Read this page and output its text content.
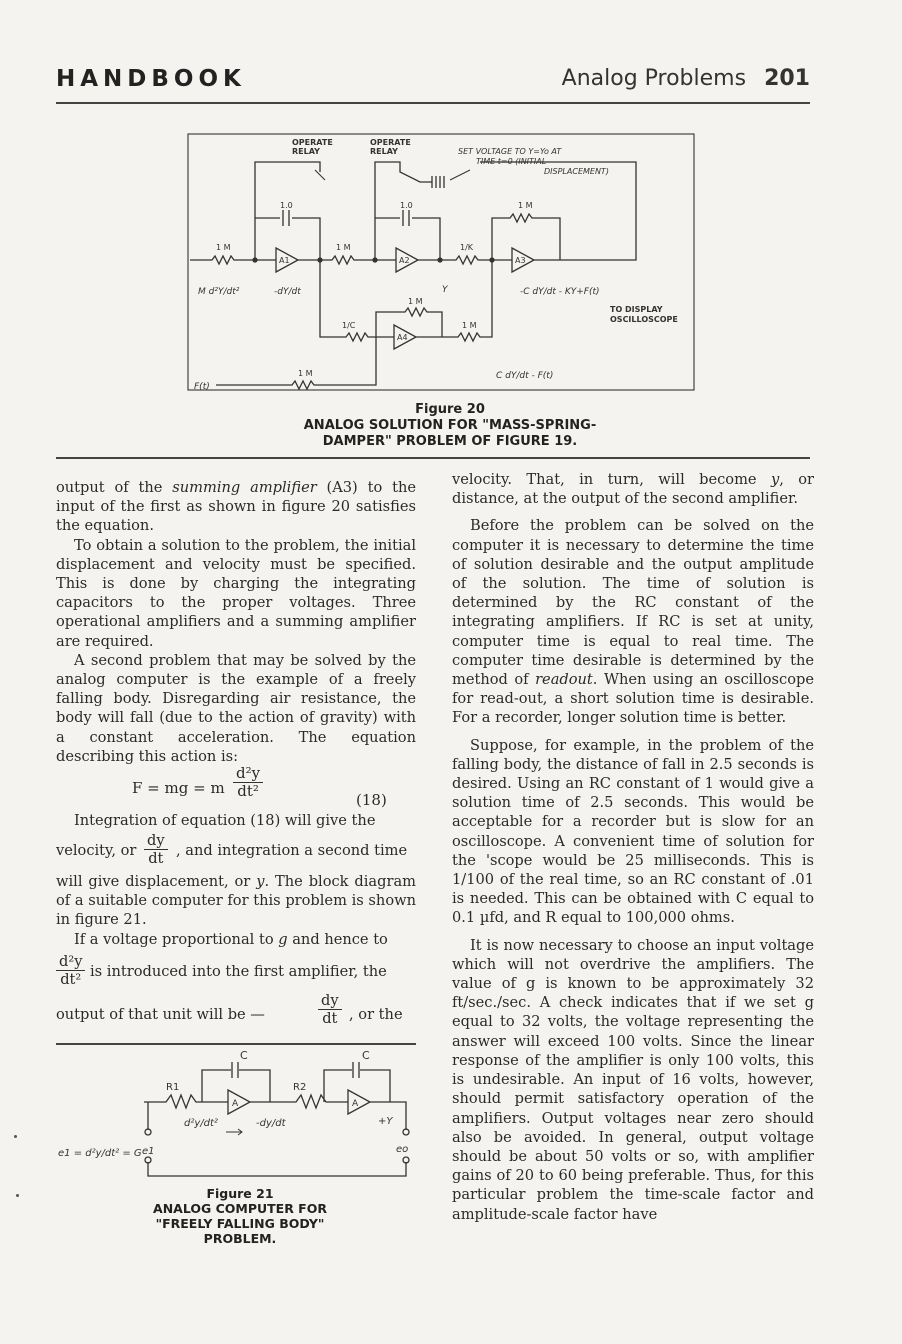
HANDBOOK	Analog Problems 201
OPERATE
RELAY
OPERATE
RELAY	SET VOLTAGE TO Y=Yo AT
TIME t=0 (INITIAL
DISPLACEMENT)
1.0	1.0	1 M
1 M
A1
1 M
A2
1/K
A3
M d²Y/dt²	-dY/dt	Y	-C dY/dt - KY+F(t)
C dY/dt - F(t)
F(t)
TO DISPLAY
OSCILLOSCOPE
1/C
A4
1 M
1 M
1 M
Figure 20
ANALOG SOLUTION FOR "MASS-SPRING-
DAMPER" PROBLEM OF FIGURE 19.

output of the summing amplifier (A3) to the input of the first as shown in figure 20 satisfies the equation.

To obtain a solution to the problem, the initial displacement and velocity must be specified. This is done by charging the integrating capacitors to the proper voltages. Three operational amplifiers and a summing amplifier are required.

A second problem that may be solved by the analog computer is the example of a freely falling body. Disregarding air resistance, the body will fall (due to the action of gravity) with a constant acceleration. The equation describing this action is:

F = mg = m $\frac{\text{d²y}}{\text{dt²}}$	(18)
Integration of equation (18) will give the
velocity, or $\frac{dy}{dt}$ , and integration a second time

will give displacement, or y. The block diagram of a suitable computer for this problem is shown in figure 21.

If a voltage proportional to g and hence to

$\frac{\text{d²y}}{\text{dt²}}$ is introduced into the first amplifier, the
output of that unit will be —	$\frac{dy}{dt}$ , or the
R1
A
C
R2
A
C
e1 = d²y/dt² = G e1	eo
d²y/dt²	-dy/dt	+Y
Figure 21
ANALOG COMPUTER FOR
"FREELY FALLING BODY"
PROBLEM.

velocity. That, in turn, will become y, or distance, at the output of the second amplifier.

Before the problem can be solved on the computer it is necessary to determine the time of solution desirable and the output amplitude of the solution. The time of solution is determined by the RC constant of the integrating amplifiers. If RC is set at unity, computer time is equal to real time. The computer time desirable is determined by the method of readout. When using an oscilloscope for read-out, a short solution time is desirable. For a recorder, longer solution time is better.

Suppose, for example, in the problem of the falling body, the distance of fall in 2.5 seconds is desired. Using an RC constant of 1 would give a solution time of 2.5 seconds. This would be acceptable for a recorder but is slow for an oscilloscope. A convenient time of solution for the 'scope would be 25 milliseconds. This is 1/100 of the real time, so an RC constant of .01 is needed. This can be obtained with C equal to 0.1 µfd, and R equal to 100,000 ohms.

It is now necessary to choose an input voltage which will not overdrive the amplifiers. The value of g is known to be approximately 32 ft/sec./sec. A check indicates that if we set g equal to 32 volts, the voltage representing the answer will exceed 100 volts. Since the linear response of the amplifier is only 100 volts, this is undesirable. An input of 16 volts, however, should permit satisfactory operation of the amplifiers. Output voltages near zero should also be avoided. In general, output voltage should be about 50 volts or so, with amplifier gains of 20 to 60 being preferable. Thus, for this particular problem the time-scale factor and amplitude-scale factor have
